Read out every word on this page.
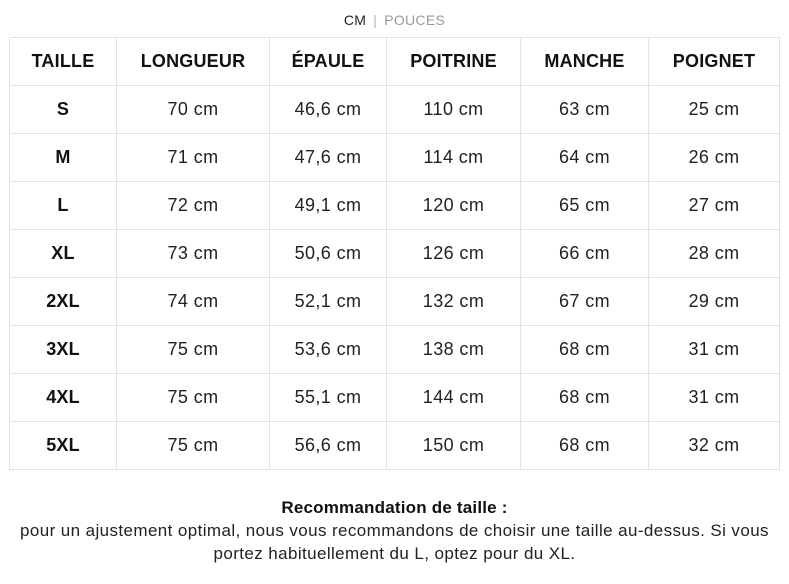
CM | POUCES
TAILLE	LONGUEUR	ÉPAULE	POITRINE	MANCHE	POIGNET
S	70 cm	46,6 cm	110 cm	63 cm	25 cm
M	71 cm	47,6 cm	114 cm	64 cm	26 cm
L	72 cm	49,1 cm	120 cm	65 cm	27 cm
XL	73 cm	50,6 cm	126 cm	66 cm	28 cm
2XL	74 cm	52,1 cm	132 cm	67 cm	29 cm
3XL	75 cm	53,6 cm	138 cm	68 cm	31 cm
4XL	75 cm	55,1 cm	144 cm	68 cm	31 cm
5XL	75 cm	56,6 cm	150 cm	68 cm	32 cm
Recommandation de taille :
pour un ajustement optimal, nous vous recommandons de choisir une taille au-dessus. Si vous portez habituellement du L, optez pour du XL.
